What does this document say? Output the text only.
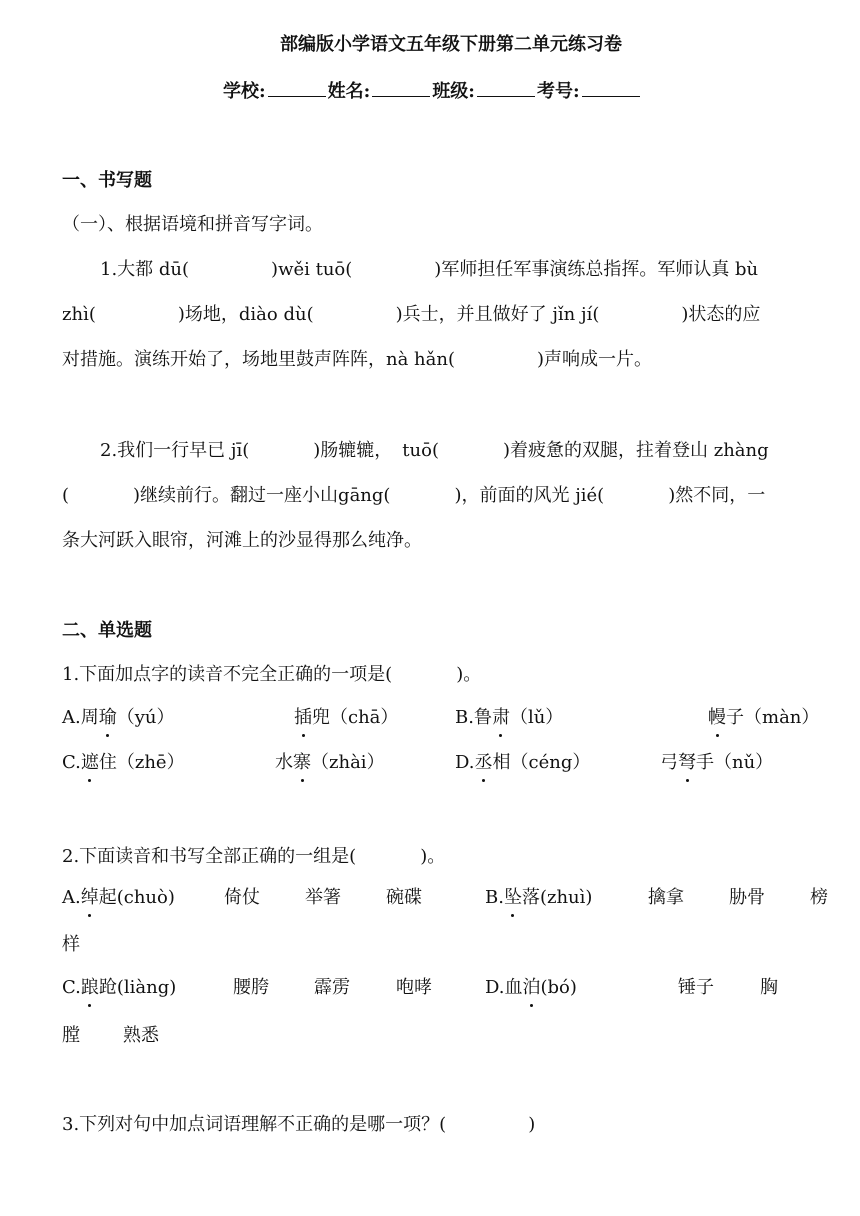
部编版小学语文五年级下册第二单元练习卷
学校:	姓名:	班级:	考号:
一、书写题
（一）、根据语境和拼音写字词。
1.大都 dū(	)wěi tuō(	)军师担任军事演练总指挥。军师认真 bù
zhì(	)场地，diào dù(	)兵士，并且做好了 jǐn jí(	)状态的应
对措施。演练开始了，场地里鼓声阵阵，nà hǎn(	)声响成一片。
2.我们一行早已 jī(	)肠辘辘， tuō(	)着疲惫的双腿，拄着登山 zhàng
(	)继续前行。翻过一座小山gāng(	)，前面的风光 jié(	)然不同，一
条大河跃入眼帘，河滩上的沙显得那么纯净。
二、单选题
1.下面加点字的读音不完全正确的一项是(	)。
A.周瑜（yú）	插兜（chā）	B.鲁肃（lǔ）	幔子（màn）
C.遮住（zhē）	水寨（zhài）	D.丞相（céng）	弓弩手（nǔ）
2.下面读音和书写全部正确的一组是(	)。
A.绰起(chuò)	倚仗	举箸	碗碟	B.坠落(zhuì)	擒拿	胁骨	榜
样
C.踉跄(liàng)	腰胯	霹雳	咆哮	D.血泊(bó)	锤子	胸
膛 熟悉
3.下列对句中加点词语理解不正确的是哪一项？(	)
